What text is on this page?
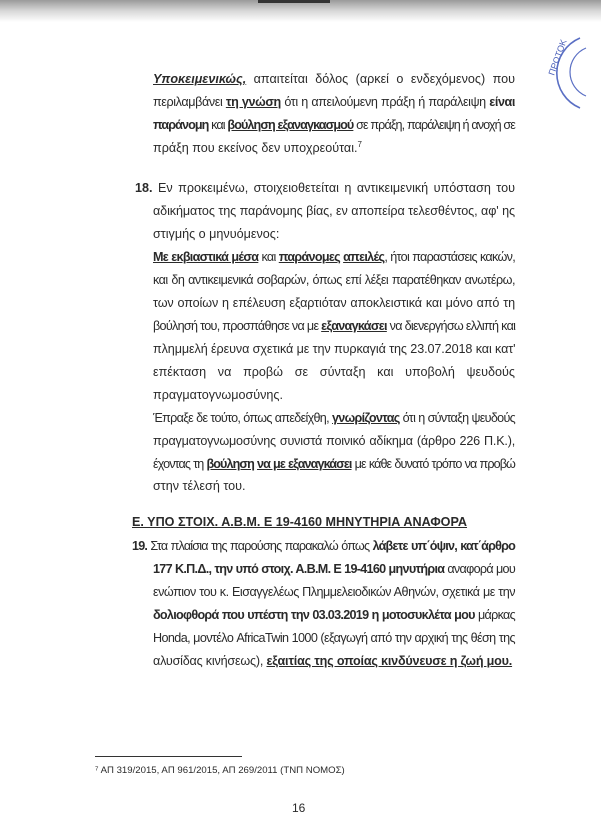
ΠΡΩΤΟΚ
Υποκειμενικώς, απαιτείται δόλος (αρκεί ο ενδεχόμενος) που
περιλαμβάνει τη γνώση ότι η απειλούμενη πράξη ή παράλειψη είναι
παράνομη και βούληση εξαναγκασμού σε πράξη, παράλειψη ή ανοχή σε
πράξη που εκείνος δεν υποχρεούται.$^7$
18. Εν προκειμένω, στοιχειοθετείται η αντικειμενική υπόσταση του
αδικήματος της παράνομης βίας, εν αποπείρα τελεσθέντος, αφ' ης
στιγμής ο μηνυόμενος:
Με εκβιαστικά μέσα και παράνομες απειλές, ήτοι παραστάσεις κακών,
και δη αντικειμενικά σοβαρών, όπως επί λέξει παρατέθηκαν ανωτέρω,
των οποίων η επέλευση εξαρτιόταν αποκλειστικά και μόνο από τη
βούλησή του, προσπάθησε να με εξαναγκάσει να διενεργήσω ελλιπή και
πλημμελή έρευνα σχετικά με την πυρκαγιά της 23.07.2018 και κατ'
επέκταση να προβώ σε σύνταξη και υποβολή ψευδούς
πραγματογνωμοσύνης.
Έπραξε δε τούτο, όπως απεδείχθη, γνωρίζοντας ότι η σύνταξη ψευδούς
πραγματογνωμοσύνης συνιστά ποινικό αδίκημα (άρθρο 226 Π.Κ.),
έχοντας τη βούληση να με εξαναγκάσει με κάθε δυνατό τρόπο να προβώ
στην τέλεσή του.
Ε. ΥΠΟ ΣΤΟΙΧ. Α.Β.Μ. Ε 19-4160 ΜΗΝΥΤΗΡΙΑ ΑΝΑΦΟΡΑ
19. Στα πλαίσια της παρούσης παρακαλώ όπως λάβετε υπ΄όψιν, κατ΄άρθρο
177 Κ.Π.Δ., την υπό στοιχ. Α.Β.Μ. Ε 19-4160 μηνυτήρια αναφορά μου
ενώπιον του κ. Εισαγγελέως Πλημμελειοδικών Αθηνών, σχετικά με την
δολιοφθορά που υπέστη την 03.03.2019 η μοτοσυκλέτα μου μάρκας
Honda, μοντέλο AfricaTwin 1000 (εξαγωγή από την αρχική της θέση της
αλυσίδας κινήσεως), εξαιτίας της οποίας κινδύνευσε η ζωή μου.
⁷ ΑΠ 319/2015, ΑΠ 961/2015, ΑΠ 269/2011 (ΤΝΠ ΝΟΜΟΣ)
16
